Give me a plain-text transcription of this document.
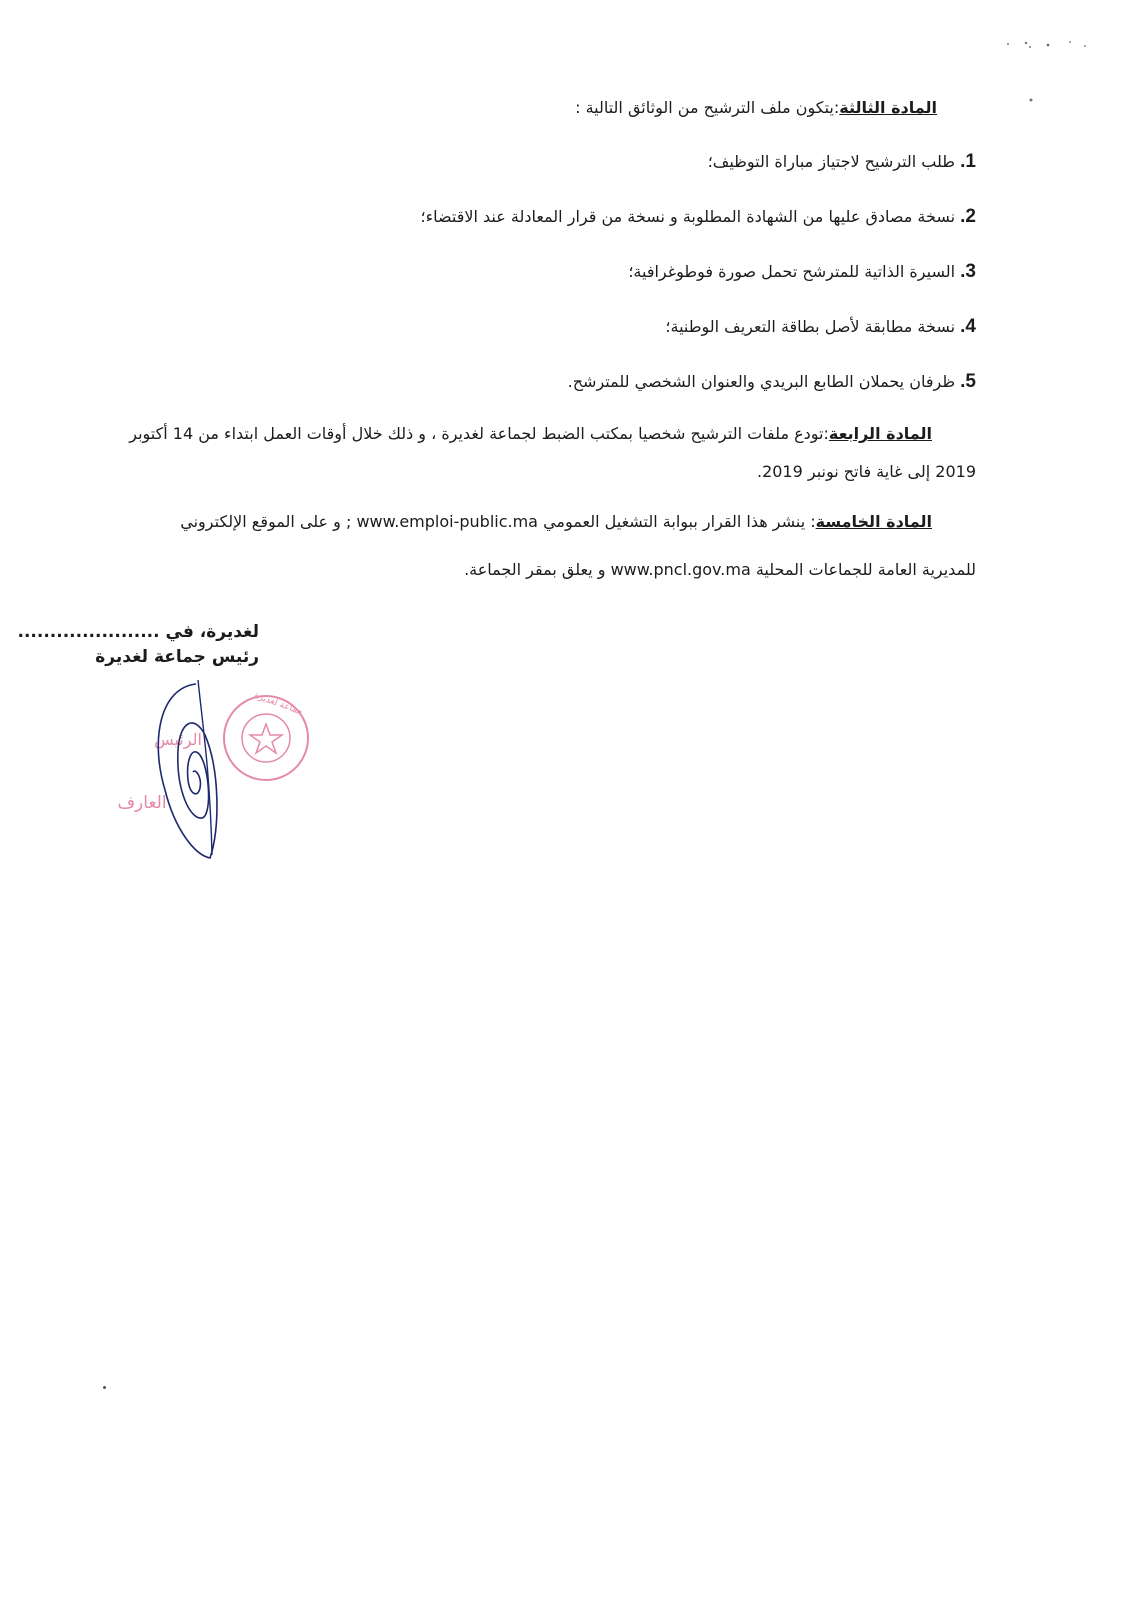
المادة الثالثة:يتكون ملف الترشيح من الوثائق التالية :
1. طلب الترشيح لاجتياز مباراة التوظيف؛
2. نسخة مصادق عليها من الشهادة المطلوبة و نسخة من قرار المعادلة عند الاقتضاء؛
3. السيرة الذاتية للمترشح تحمل صورة فوطوغرافية؛
4. نسخة مطابقة لأصل بطاقة التعريف الوطنية؛
5. ظرفان يحملان الطابع البريدي والعنوان الشخصي للمترشح.
المادة الرابعة:تودع ملفات الترشيح شخصيا بمكتب الضبط لجماعة لغديرة ، و ذلك خلال أوقات العمل ابتداء من 14 أكتوبر
2019 إلى غاية فاتح نونبر 2019.
المادة الخامسة: ينشر هذا القرار ببوابة التشغيل العمومي www.emploi-public.ma ; و على الموقع الإلكتروني
للمديرية العامة للجماعات المحلية www.pncl.gov.ma و يعلق بمقر الجماعة.
لغديرة، في ......................
رئيس جماعة لغديرة
جماعة لغديرة
الرئيس
العارف
